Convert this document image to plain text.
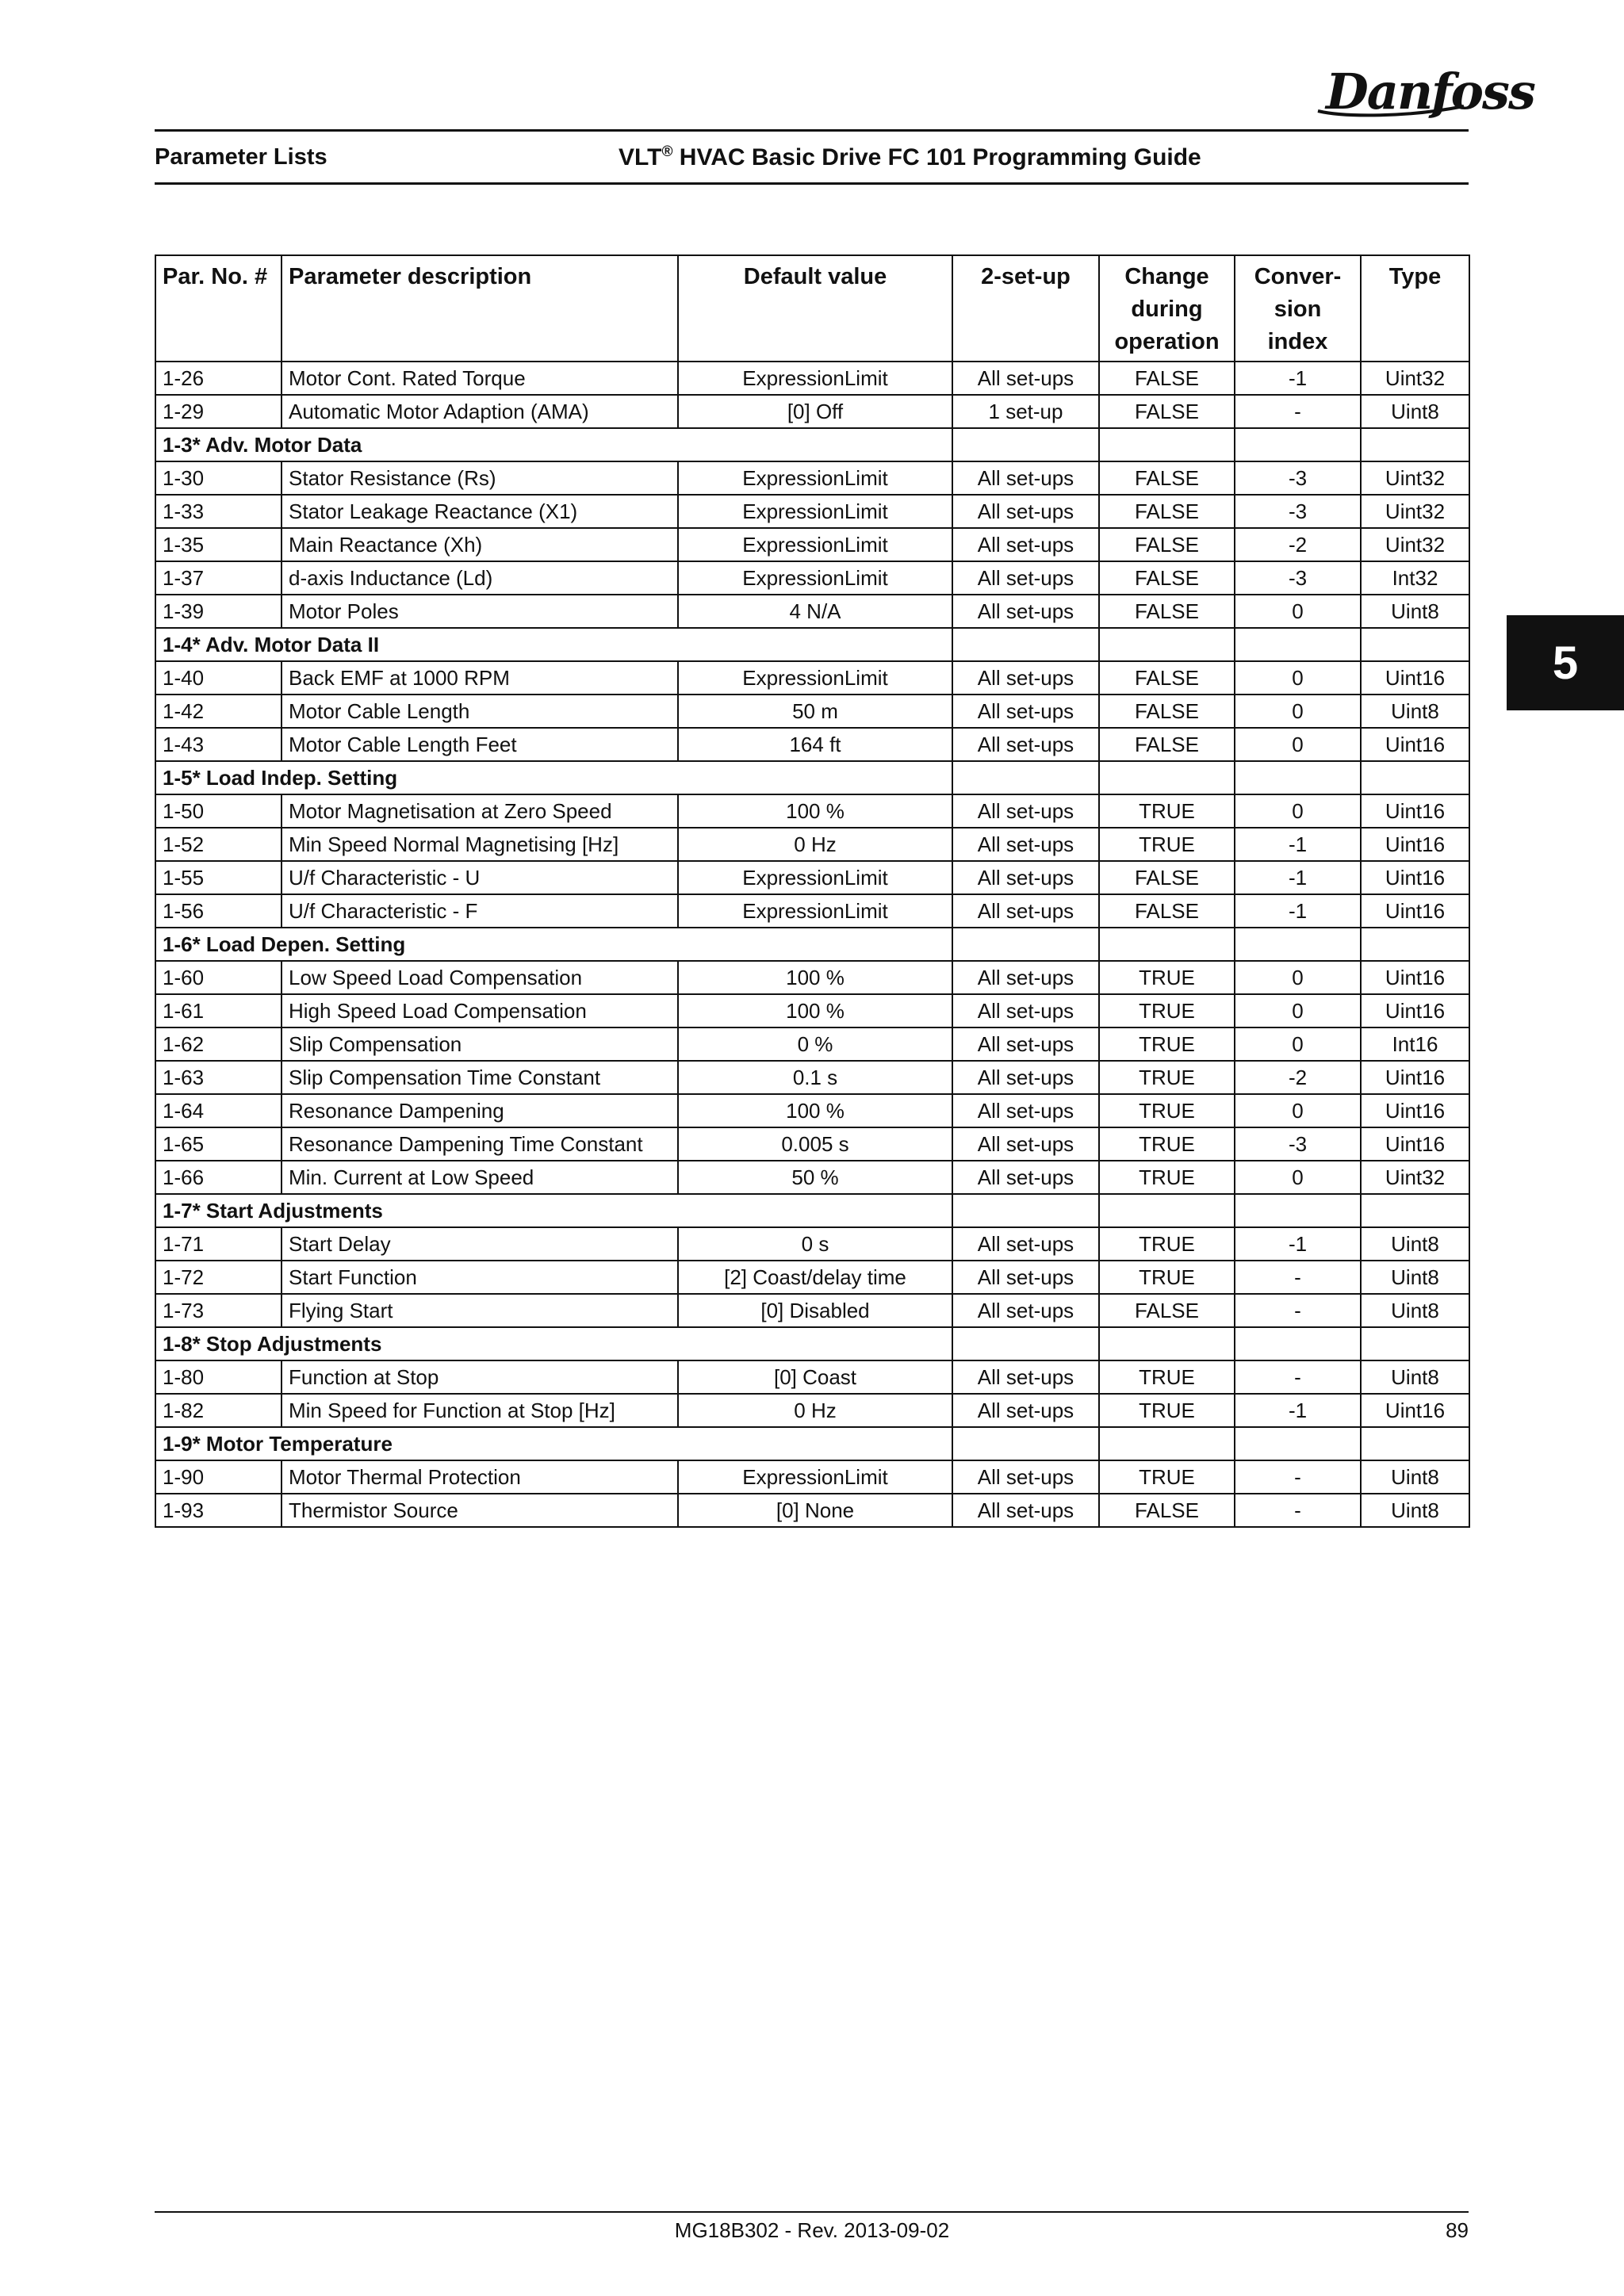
Danfoss
Parameter Lists	VLT® HVAC Basic Drive FC 101 Programming Guide
5
Par. No. #	Parameter description	Default value	2-set-up	Change during operation	Conver- sion index	Type
1-26	Motor Cont. Rated Torque	ExpressionLimit	All set-ups	FALSE	-1	Uint32
1-29	Automatic Motor Adaption (AMA)	[0] Off	1 set-up	FALSE	-	Uint8
1-3* Adv. Motor Data						
1-30	Stator Resistance (Rs)	ExpressionLimit	All set-ups	FALSE	-3	Uint32
1-33	Stator Leakage Reactance (X1)	ExpressionLimit	All set-ups	FALSE	-3	Uint32
1-35	Main Reactance (Xh)	ExpressionLimit	All set-ups	FALSE	-2	Uint32
1-37	d-axis Inductance (Ld)	ExpressionLimit	All set-ups	FALSE	-3	Int32
1-39	Motor Poles	4 N/A	All set-ups	FALSE	0	Uint8
1-4* Adv. Motor Data II						
1-40	Back EMF at 1000 RPM	ExpressionLimit	All set-ups	FALSE	0	Uint16
1-42	Motor Cable Length	50 m	All set-ups	FALSE	0	Uint8
1-43	Motor Cable Length Feet	164 ft	All set-ups	FALSE	0	Uint16
1-5* Load Indep. Setting						
1-50	Motor Magnetisation at Zero Speed	100 %	All set-ups	TRUE	0	Uint16
1-52	Min Speed Normal Magnetising [Hz]	0 Hz	All set-ups	TRUE	-1	Uint16
1-55	U/f Characteristic - U	ExpressionLimit	All set-ups	FALSE	-1	Uint16
1-56	U/f Characteristic - F	ExpressionLimit	All set-ups	FALSE	-1	Uint16
1-6* Load Depen. Setting						
1-60	Low Speed Load Compensation	100 %	All set-ups	TRUE	0	Uint16
1-61	High Speed Load Compensation	100 %	All set-ups	TRUE	0	Uint16
1-62	Slip Compensation	0 %	All set-ups	TRUE	0	Int16
1-63	Slip Compensation Time Constant	0.1 s	All set-ups	TRUE	-2	Uint16
1-64	Resonance Dampening	100 %	All set-ups	TRUE	0	Uint16
1-65	Resonance Dampening Time Constant	0.005 s	All set-ups	TRUE	-3	Uint16
1-66	Min. Current at Low Speed	50 %	All set-ups	TRUE	0	Uint32
1-7* Start Adjustments						
1-71	Start Delay	0 s	All set-ups	TRUE	-1	Uint8
1-72	Start Function	[2] Coast/delay time	All set-ups	TRUE	-	Uint8
1-73	Flying Start	[0] Disabled	All set-ups	FALSE	-	Uint8
1-8* Stop Adjustments						
1-80	Function at Stop	[0] Coast	All set-ups	TRUE	-	Uint8
1-82	Min Speed for Function at Stop [Hz]	0 Hz	All set-ups	TRUE	-1	Uint16
1-9* Motor Temperature						
1-90	Motor Thermal Protection	ExpressionLimit	All set-ups	TRUE	-	Uint8
1-93	Thermistor Source	[0] None	All set-ups	FALSE	-	Uint8
MG18B302 - Rev. 2013-09-02	89
